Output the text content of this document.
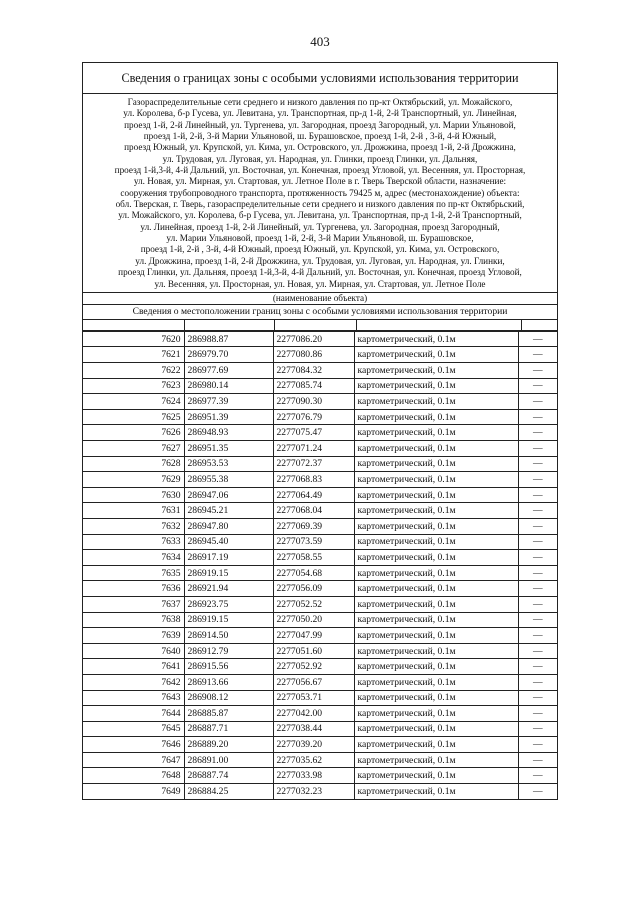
403
Сведения о границах зоны с особыми условиями использования территории
Газораспределительные сети среднего и низкого давления по пр-кт Октябрьский, ул. Можайского,
ул. Королева, б-р Гусева, ул. Левитана, ул. Транспортная, пр-д 1-й, 2-й Транспортный, ул. Линейная,
проезд 1-й, 2-й Линейный, ул. Тургенева, ул. Загородная, проезд Загородный, ул. Марии Ульяновой,
проезд 1-й, 2-й, 3-й Марии Ульяновой, ш. Бурашовское, проезд 1-й, 2-й , 3-й, 4-й Южный,
проезд Южный, ул. Крупской, ул. Кима, ул. Островского, ул. Дрожжина, проезд 1-й, 2-й Дрожжина,
ул. Трудовая, ул. Луговая, ул. Народная, ул. Глинки, проезд Глинки, ул. Дальняя,
проезд 1-й,3-й, 4-й Дальний, ул. Восточная, ул. Конечная, проезд Угловой, ул. Весенняя, ул. Просторная,
ул. Новая, ул. Мирная, ул. Стартовая, ул. Летное Поле в г. Тверь Тверской области, назначение:
сооружения трубопроводного транспорта, протяженность 79425 м, адрес (местонахождение) объекта:
обл. Тверская, г. Тверь, газораспределительные сети среднего и низкого давления по пр-кт Октябрьский,
ул. Можайского, ул. Королева, б-р Гусева, ул. Левитана, ул. Транспортная, пр-д 1-й, 2-й Транспортный,
ул. Линейная, проезд 1-й, 2-й Линейный, ул. Тургенева, ул. Загородная, проезд Загородный,
ул. Марии Ульяновой, проезд 1-й, 2-й, 3-й Марии Ульяновой, ш. Бурашовское,
проезд 1-й, 2-й , 3-й, 4-й Южный, проезд Южный, ул. Крупской, ул. Кима, ул. Островского,
ул. Дрожжина, проезд 1-й, 2-й Дрожжина, ул. Трудовая, ул. Луговая, ул. Народная, ул. Глинки,
проезд Глинки, ул. Дальняя, проезд 1-й,3-й, 4-й Дальний, ул. Восточная, ул. Конечная, проезд Угловой,
ул. Весенняя, ул. Просторная, ул. Новая, ул. Мирная, ул. Стартовая, ул. Летное Поле
(наименование объекта)
Сведения о местоположении границ зоны с особыми условиями использования территории
7620	286988.87	2277086.20	картометрический, 0.1м	—
7621	286979.70	2277080.86	картометрический, 0.1м	—
7622	286977.69	2277084.32	картометрический, 0.1м	—
7623	286980.14	2277085.74	картометрический, 0.1м	—
7624	286977.39	2277090.30	картометрический, 0.1м	—
7625	286951.39	2277076.79	картометрический, 0.1м	—
7626	286948.93	2277075.47	картометрический, 0.1м	—
7627	286951.35	2277071.24	картометрический, 0.1м	—
7628	286953.53	2277072.37	картометрический, 0.1м	—
7629	286955.38	2277068.83	картометрический, 0.1м	—
7630	286947.06	2277064.49	картометрический, 0.1м	—
7631	286945.21	2277068.04	картометрический, 0.1м	—
7632	286947.80	2277069.39	картометрический, 0.1м	—
7633	286945.40	2277073.59	картометрический, 0.1м	—
7634	286917.19	2277058.55	картометрический, 0.1м	—
7635	286919.15	2277054.68	картометрический, 0.1м	—
7636	286921.94	2277056.09	картометрический, 0.1м	—
7637	286923.75	2277052.52	картометрический, 0.1м	—
7638	286919.15	2277050.20	картометрический, 0.1м	—
7639	286914.50	2277047.99	картометрический, 0.1м	—
7640	286912.79	2277051.60	картометрический, 0.1м	—
7641	286915.56	2277052.92	картометрический, 0.1м	—
7642	286913.66	2277056.67	картометрический, 0.1м	—
7643	286908.12	2277053.71	картометрический, 0.1м	—
7644	286885.87	2277042.00	картометрический, 0.1м	—
7645	286887.71	2277038.44	картометрический, 0.1м	—
7646	286889.20	2277039.20	картометрический, 0.1м	—
7647	286891.00	2277035.62	картометрический, 0.1м	—
7648	286887.74	2277033.98	картометрический, 0.1м	—
7649	286884.25	2277032.23	картометрический, 0.1м	—
